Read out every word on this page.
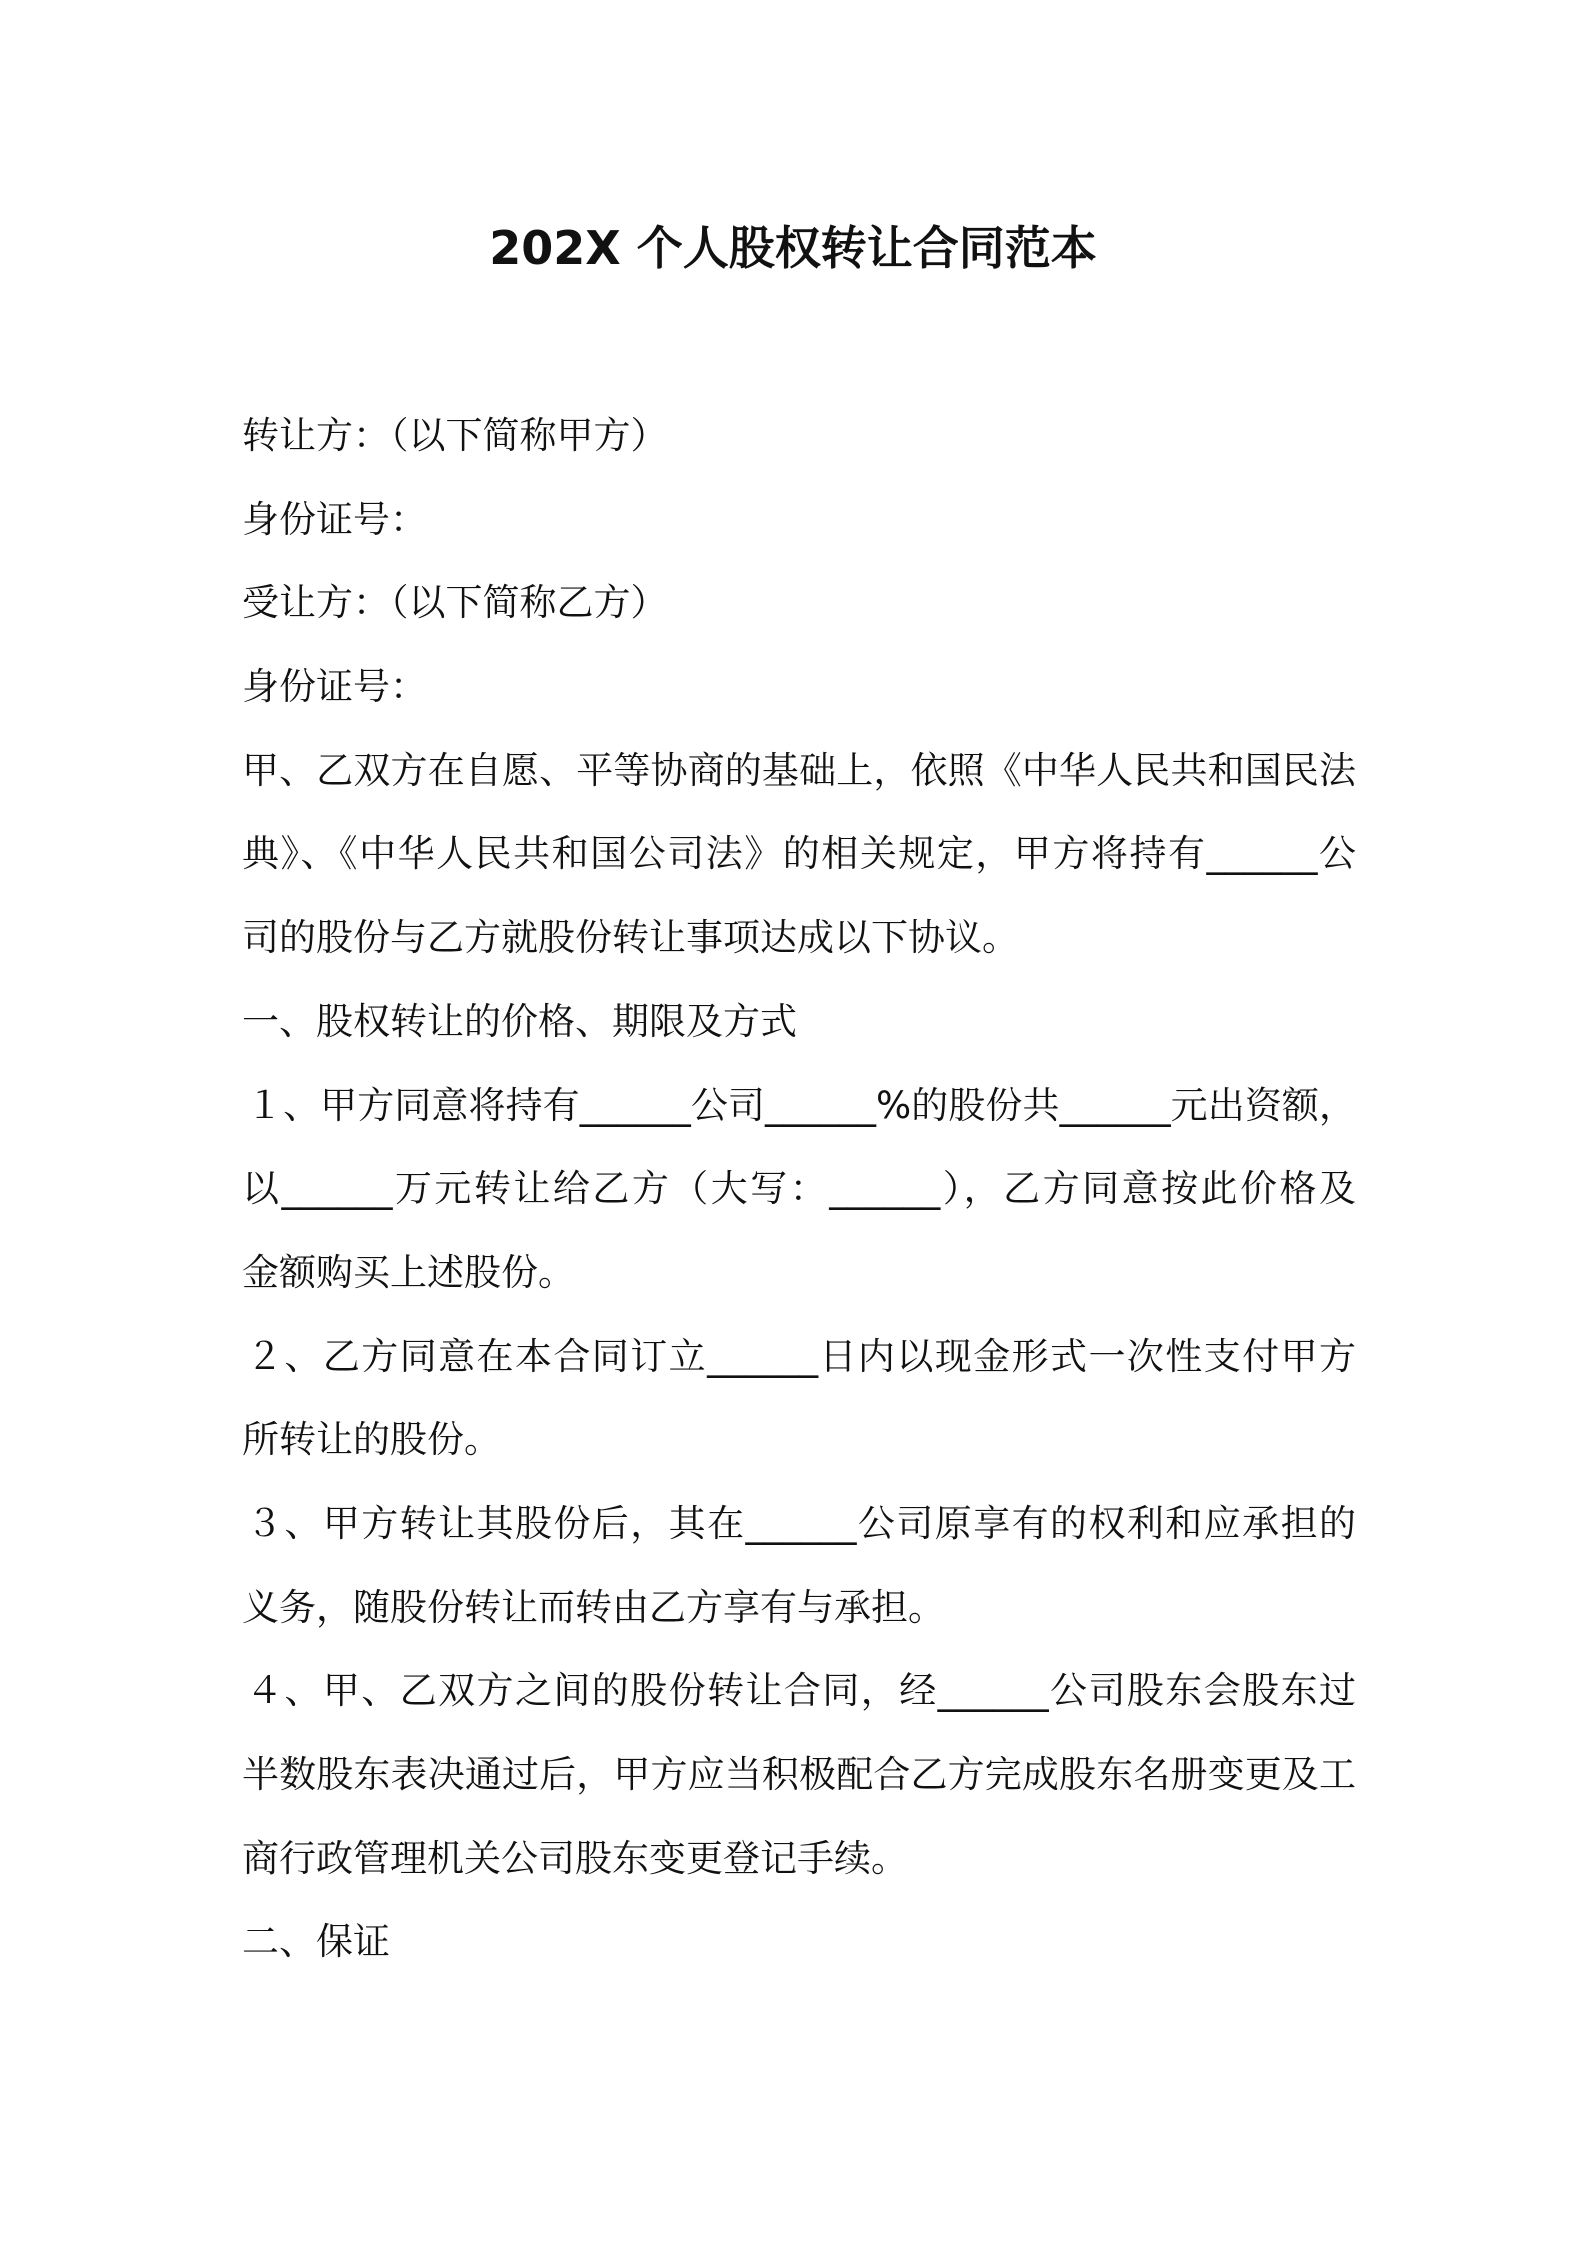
202X 个人股权转让合同范本
转让方：（以下简称甲方）
身份证号：
受让方：（以下简称乙方）
身份证号：
甲、乙双方在自愿、平等协商的基础上，依照《中华人民共和国民法
典》、《中华人民共和国公司法》的相关规定，甲方将持有______公
司的股份与乙方就股份转让事项达成以下协议。
一、股权转让的价格、期限及方式
１、甲方同意将持有______公司______%的股份共______元出资额，
以______万元转让给乙方（大写：______），乙方同意按此价格及
金额购买上述股份。
２、乙方同意在本合同订立______日内以现金形式一次性支付甲方
所转让的股份。
３、甲方转让其股份后，其在______公司原享有的权利和应承担的
义务，随股份转让而转由乙方享有与承担。
４、甲、乙双方之间的股份转让合同，经______公司股东会股东过
半数股东表决通过后，甲方应当积极配合乙方完成股东名册变更及工
商行政管理机关公司股东变更登记手续。
二、保证
